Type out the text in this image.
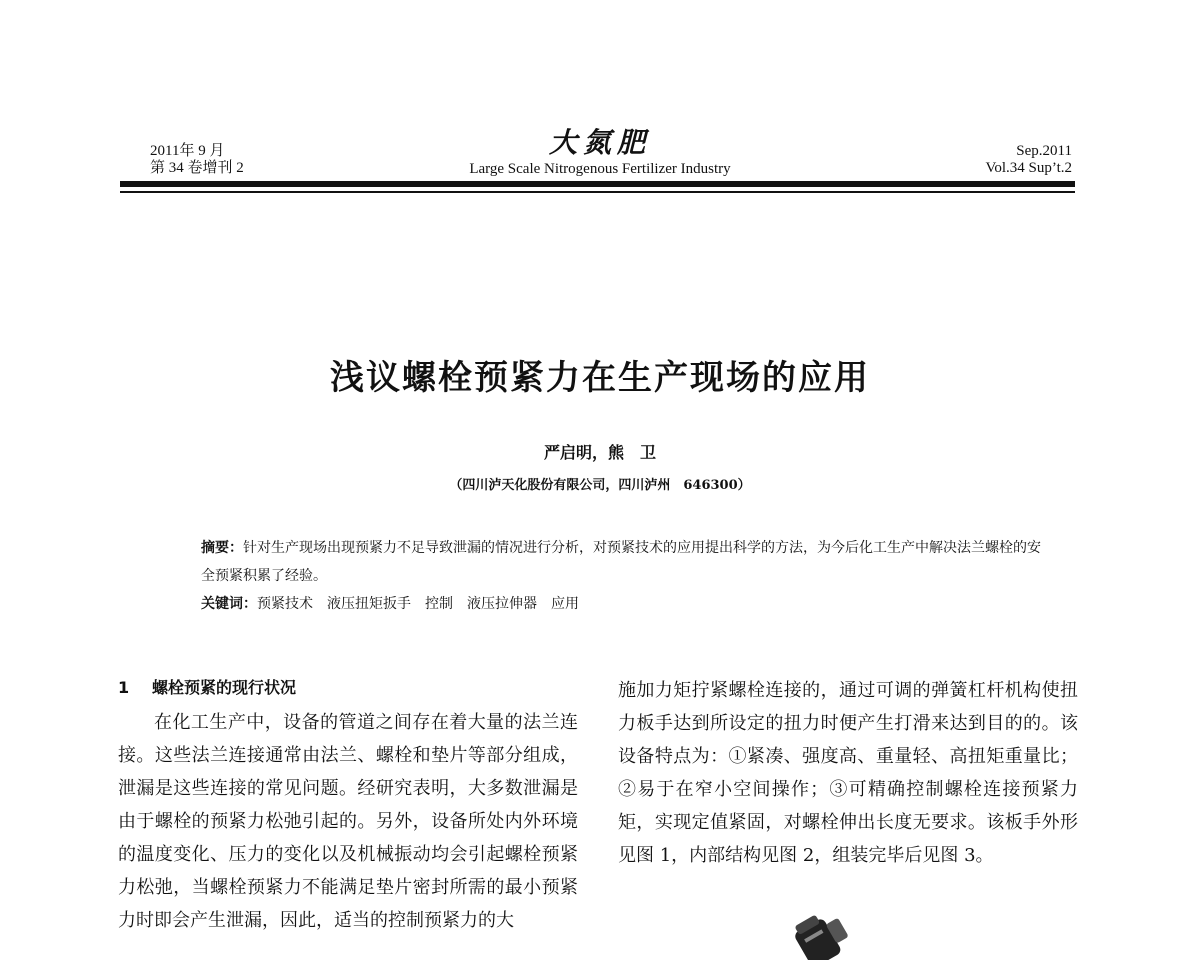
2011年 9 月
第 34 卷增刊 2
大氮肥
Large Scale Nitrogenous Fertilizer Industry
Sep.2011
Vol.34 Sup’t.2
浅议螺栓预紧力在生产现场的应用
严启明，熊　卫
（四川泸天化股份有限公司，四川泸州　646300）

摘要：针对生产现场出现预紧力不足导致泄漏的情况进行分析，对预紧技术的应用提出科学的方法，为今后化工生产中解决法兰螺栓的安全预紧积累了经验。

关键词：预紧技术　液压扭矩扳手　控制　液压拉伸器　应用

1 螺栓预紧的现行状况

在化工生产中，设备的管道之间存在着大量的法兰连接。这些法兰连接通常由法兰、螺栓和垫片等部分组成，泄漏是这些连接的常见问题。经研究表明，大多数泄漏是由于螺栓的预紧力松弛引起的。另外，设备所处内外环境的温度变化、压力的变化以及机械振动均会引起螺栓预紧力松弛，当螺栓预紧力不能满足垫片密封所需的最小预紧力时即会产生泄漏，因此，适当的控制预紧力的大

施加力矩拧紧螺栓连接的，通过可调的弹簧杠杆机构使扭力板手达到所设定的扭力时便产生打滑来达到目的的。该设备特点为：①紧凑、强度高、重量轻、高扭矩重量比；②易于在窄小空间操作；③可精确控制螺栓连接预紧力矩，实现定值紧固，对螺栓伸出长度无要求。该板手外形见图 1，内部结构见图 2，组装完毕后见图 3。
